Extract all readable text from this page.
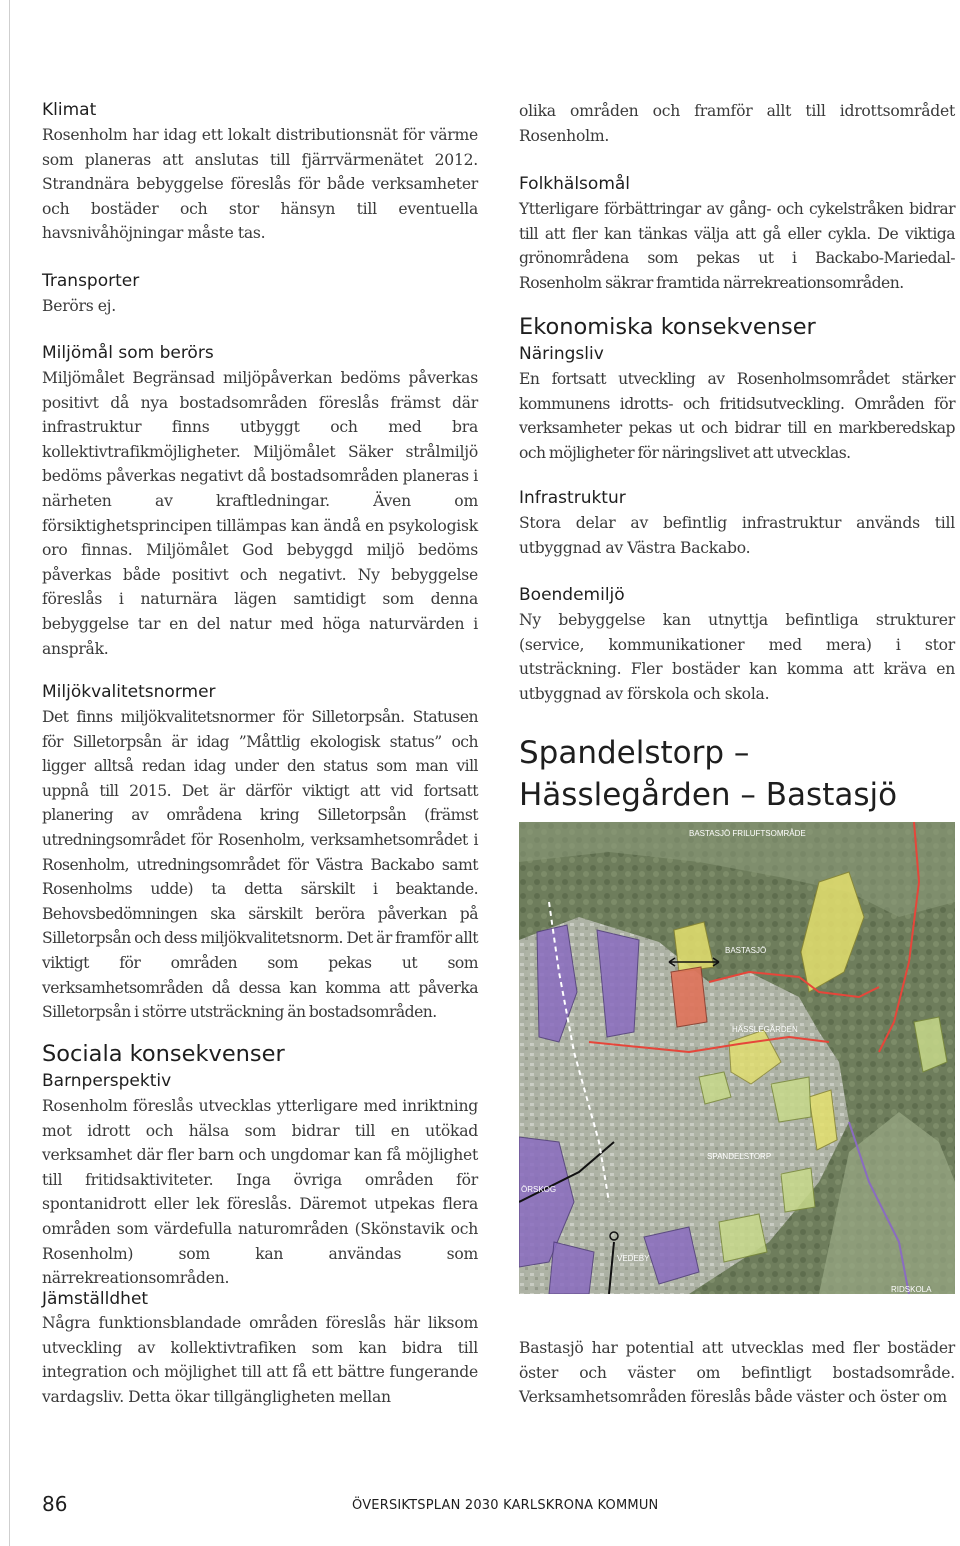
Klimat

Rosenholm har idag ett lokalt distributionsnät för värme som planeras att anslutas till fjärrvärmenätet 2012. Strandnära bebyggelse föreslås för både verksamheter och bostäder och stor hänsyn till eventuella havsnivåhöjningar måste tas.

Transporter

Berörs ej.

Miljömål som berörs

Miljömålet Begränsad miljöpåverkan bedöms påverkas positivt då nya bostadsområden föreslås främst där infrastruktur finns utbyggt och med bra kollektivtrafikmöjligheter. Miljömålet Säker strålmiljö bedöms påverkas negativt då bostadsområden planeras i närheten av kraftledningar. Även om försiktighetsprincipen tillämpas kan ändå en psykologisk oro finnas. Miljömålet God bebyggd miljö bedöms påverkas både positivt och negativt. Ny bebyggelse föreslås i naturnära lägen samtidigt som denna bebyggelse tar en del natur med höga naturvärden i anspråk.

Miljökvalitetsnormer

Det finns miljökvalitetsnormer för Silletorpsån. Statusen för Silletorpsån är idag ”Måttlig ekologisk status” och ligger alltså redan idag under den status som man vill uppnå till 2015. Det är därför viktigt att vid fortsatt planering av områdena kring Silletorpsån (främst utredningsområdet för Rosenholm, verksamhetsområdet i Rosenholm, utredningsområdet för Västra Backabo samt Rosenholms udde) ta detta särskilt i beaktande. Behovsbedömningen ska särskilt beröra påverkan på Silletorpsån och dess miljökvalitetsnorm. Det är framför allt viktigt för områden som pekas ut som verksamhetsområden då dessa kan komma att påverka Silletorpsån i större utsträckning än bostadsområden.

Sociala konsekvenser
Barnperspektiv

Rosenholm föreslås utvecklas ytterligare med inriktning mot idrott och hälsa som bidrar till en utökad verksamhet där fler barn och ungdomar kan få möjlighet till fritidsaktiviteter. Inga övriga områden för spontanidrott eller lek föreslås. Däremot utpekas flera områden som värdefulla naturområden (Skönstavik och Rosenholm) som kan användas som närrekreationsområden.

Jämställdhet

Några funktionsblandade områden föreslås här liksom utveckling av kollektivtrafiken som kan bidra till integration och möjlighet till att få ett bättre fungerande vardagsliv. Detta ökar tillgängligheten mellan

olika områden och framför allt till idrottsområdet Rosenholm.

Folkhälsomål

Ytterligare förbättringar av gång- och cykelstråken bidrar till att fler kan tänkas välja att gå eller cykla. De viktiga grönområdena som pekas ut i Backabo-Mariedal-Rosenholm säkrar framtida närrekreationsområden.

Ekonomiska konsekvenser
Näringsliv

En fortsatt utveckling av Rosenholmsområdet stärker kommunens idrotts- och fritidsutveckling. Områden för verksamheter pekas ut och bidrar till en markberedskap och möjligheter för näringslivet att utvecklas.

Infrastruktur

Stora delar av befintlig infrastruktur används till utbyggnad av Västra Backabo.

Boendemiljö

Ny bebyggelse kan utnyttja befintliga strukturer (service, kommunikationer med mera) i stor utsträckning. Fler bostäder kan komma att kräva en utbyggnad av förskola och skola.

Spandelstorp – Hässlegården – Bastasjö

Bastasjö har potential att utvecklas med fler bostäder öster och väster om befintligt bostadsområde. Verksamhetsområden föreslås både väster och öster om

BASTASJÖ FRILUFTSOMRÅDE
BASTASJÖ
HÄSSLEGÅRDEN
SPANDELSTORP
ÖRSKOG
VEDEBY
RIDSKOLA
86	ÖVERSIKTSPLAN 2030 KARLSKRONA KOMMUN
